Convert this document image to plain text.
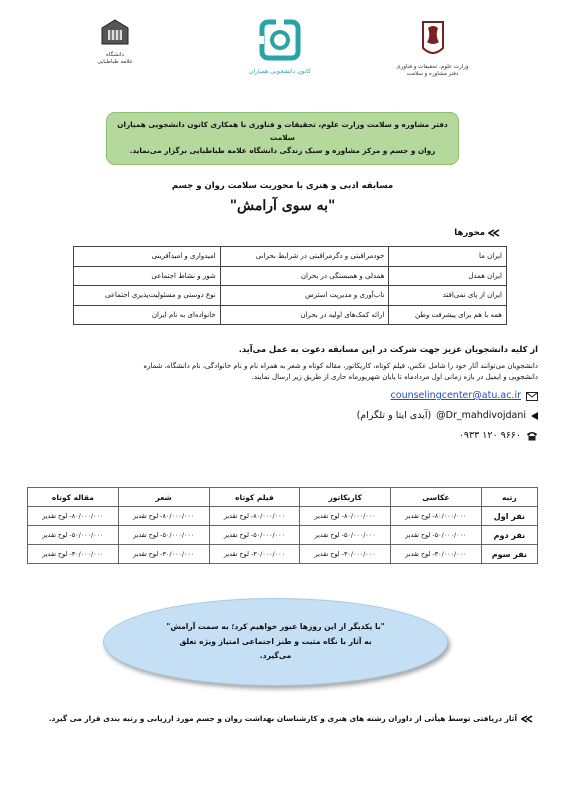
وزارت علوم، تحقیقات و فناوری
دفتر مشاوره و سلامت
کانون دانشجویی همیاران
دانشگاه
علامه طباطبایی
دفتر مشاوره و سلامت وزارت علوم، تحقیقات و فناوری با همکاری کانون دانشجویی همیاران سلامت
روان و جسم و مرکز مشاوره و سبک زندگی دانشگاه علامه طباطبایی برگزار می‌نماید.
مسابقه ادبی و هنری با محوریت سلامت روان و جسم
"به سوی آرامش"
محورها
ایران ما	خودمراقبتی و دگرمراقبتی در شرایط بحرانی	امیدواری و امیدآفرینی
ایران همدل	همدلی و همبستگی در بحران	شور و نشاط اجتماعی
ایران از پای نمی‌افتد	تاب‌آوری و مدیریت استرس	نوع دوستی و مسئولیت‌پذیری اجتماعی
همه با هم برای پیشرفت وطن	ارائه کمک‌های اولیه در بحران	خانواده‌ای به نام ایران
از کلیه دانشجویان عزیز جهت شرکت در این مسابقه دعوت به عمل می‌آید.
دانشجویان می‌توانند آثار خود را شامل عکس، فیلم کوتاه، کاریکاتور، مقاله کوتاه و شعر به همراه نام و نام خانوادگی، نام دانشگاه، شماره
دانشجویی و ایمیل در بازه زمانی اول مردادماه تا پایان شهریورماه جاری از طریق زیر ارسال نمایند.
counselingcenter@atu.ac.ir
@Dr_mahdivojdani
(آیدی ایتا و تلگرام)
۰۹۳۳ ۱۲۰ ۹۶۶۰
رتبه	عکاسی	کاریکاتور	فیلم کوتاه	شعر	مقاله کوتاه
نفر اول	۸۰/۰۰۰/۰۰۰- لوح تقدیر	۸۰/۰۰۰/۰۰۰- لوح تقدیر	۸۰/۰۰۰/۰۰۰- لوح تقدیر	۸۰/۰۰۰/۰۰۰- لوح تقدیر	۸۰/۰۰۰/۰۰۰- لوح تقدیر
نفر دوم	۵۰/۰۰۰/۰۰۰- لوح تقدیر	۵۰/۰۰۰/۰۰۰- لوح تقدیر	۵۰/۰۰۰/۰۰۰- لوح تقدیر	۵۰/۰۰۰/۰۰۰- لوح تقدیر	۵۰/۰۰۰/۰۰۰- لوح تقدیر
نفر سوم	۳۰/۰۰۰/۰۰۰- لوح تقدیر	۳۰/۰۰۰/۰۰۰- لوح تقدیر	۳۰/۰۰۰/۰۰۰- لوح تقدیر	۳۰/۰۰۰/۰۰۰- لوح تقدیر	۳۰/۰۰۰/۰۰۰- لوح تقدیر
"با یکدیگر از این روزها عبور خواهیم کرد؛ به سمت آرامش"
به آثار با نگاه مثبت و طنز اجتماعی امتیاز ویژه تعلق
می‌گیرد.
آثار دریافتی توسط هیأتی از داوران رشته های هنری و کارشناسان بهداشت روان و جسم مورد ارزیابی و رتبه بندی قرار می گیرد.
